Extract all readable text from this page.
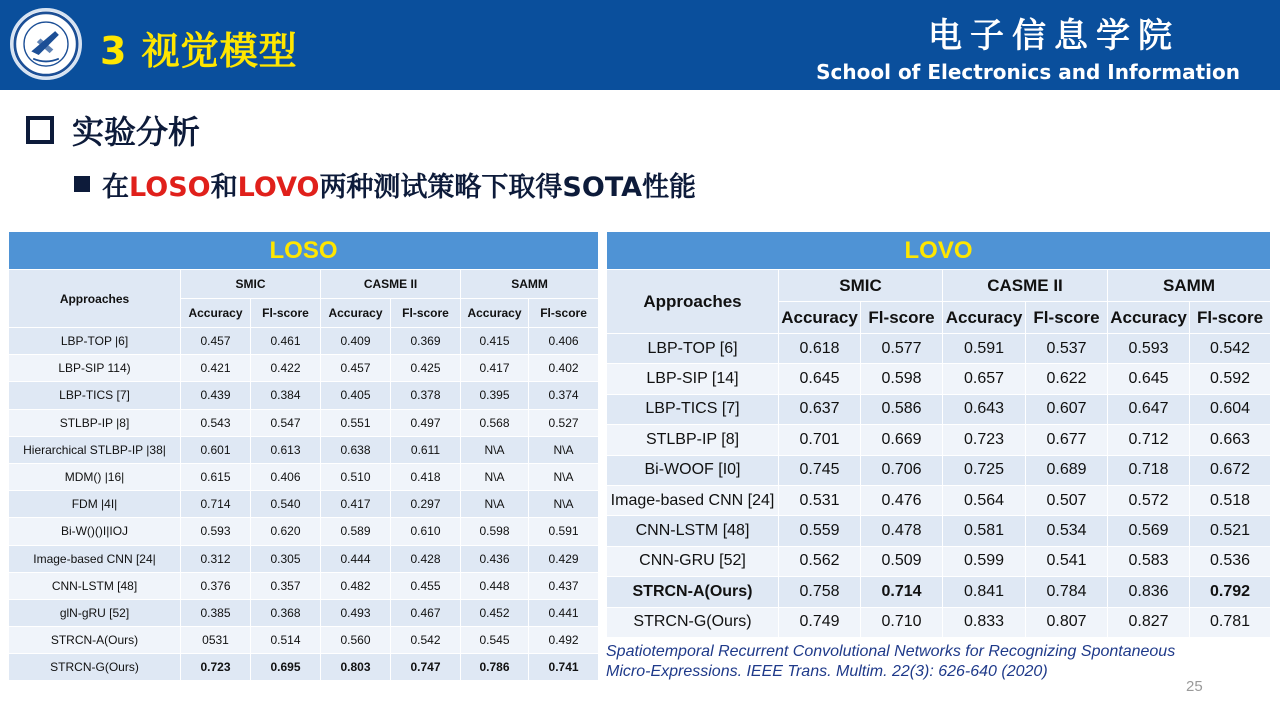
3 视觉模型	电子信息学院
School of Electronics and Information
实验分析
在LOSO和LOVO两种测试策略下取得SOTA性能
LOSO						
Approaches	SMIC		CASME II		SAMM	
	Accuracy	Fl-score	Accuracy	Fl-score	Accuracy	Fl-score
LBP-TOP |6]	0.457	0.461	0.409	0.369	0.415	0.406
LBP-SIP 114)	0.421	0.422	0.457	0.425	0.417	0.402
LBP-TICS [7]	0.439	0.384	0.405	0.378	0.395	0.374
STLBP-IP |8]	0.543	0.547	0.551	0.497	0.568	0.527
Hierarchical STLBP-IP |38|	0.601	0.613	0.638	0.611	N\A	N\A
MDM() |16|	0.615	0.406	0.510	0.418	N\A	N\A
FDM |4I|	0.714	0.540	0.417	0.297	N\A	N\A
Bi-W()()I|IOJ	0.593	0.620	0.589	0.610	0.598	0.591
Image-based CNN [24|	0.312	0.305	0.444	0.428	0.436	0.429
CNN-LSTM [48]	0.376	0.357	0.482	0.455	0.448	0.437
glN-gRU [52]	0.385	0.368	0.493	0.467	0.452	0.441
STRCN-A(Ours)	0531	0.514	0.560	0.542	0.545	0.492
STRCN-G(Ours)	0.723	0.695	0.803	0.747	0.786	0.741
LOVO						
Approaches	SMIC		CASME II		SAMM	
	Accuracy	Fl-score	Accuracy	Fl-score	Accuracy	Fl-score
LBP-TOP [6]	0.618	0.577	0.591	0.537	0.593	0.542
LBP-SIP [14]	0.645	0.598	0.657	0.622	0.645	0.592
LBP-TICS [7]	0.637	0.586	0.643	0.607	0.647	0.604
STLBP-IP [8]	0.701	0.669	0.723	0.677	0.712	0.663
Bi-WOOF [I0]	0.745	0.706	0.725	0.689	0.718	0.672
Image-based CNN [24]	0.531	0.476	0.564	0.507	0.572	0.518
CNN-LSTM [48]	0.559	0.478	0.581	0.534	0.569	0.521
CNN-GRU [52]	0.562	0.509	0.599	0.541	0.583	0.536
STRCN-A(Ours)	0.758	0.714	0.841	0.784	0.836	0.792
STRCN-G(Ours)	0.749	0.710	0.833	0.807	0.827	0.781
Spatiotemporal Recurrent Convolutional Networks for Recognizing Spontaneous
Micro-Expressions. IEEE Trans. Multim. 22(3): 626-640 (2020)
25
